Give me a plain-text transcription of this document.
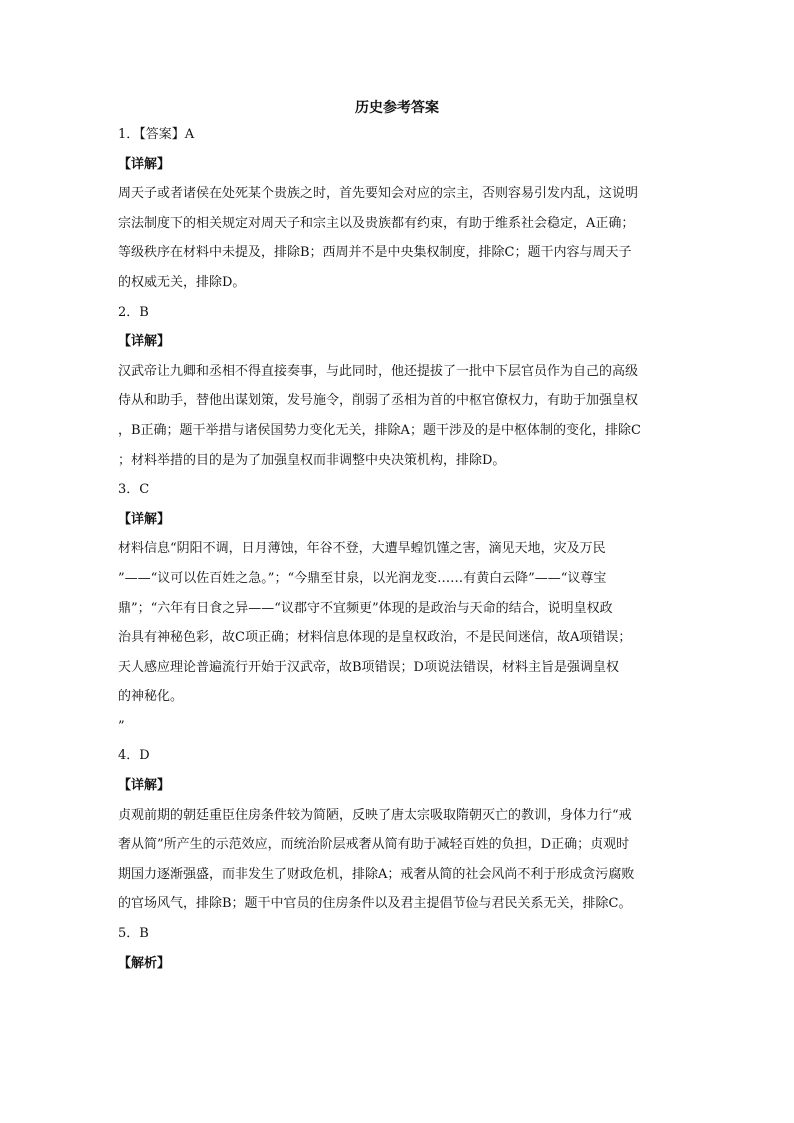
历史参考答案
1．【答案】A
【详解】
周天子或者诸侯在处死某个贵族之时，首先要知会对应的宗主，否则容易引发内乱，这说明
宗法制度下的相关规定对周天子和宗主以及贵族都有约束，有助于维系社会稳定，A正确；
等级秩序在材料中未提及，排除B；西周并不是中央集权制度，排除C；题干内容与周天子
的权威无关，排除D。
2．B
【详解】
汉武帝让九卿和丞相不得直接奏事，与此同时，他还提拔了一批中下层官员作为自己的高级
侍从和助手，替他出谋划策，发号施令，削弱了丞相为首的中枢官僚权力，有助于加强皇权
，B正确；题干举措与诸侯国势力变化无关，排除A；题干涉及的是中枢体制的变化，排除C
；材料举措的目的是为了加强皇权而非调整中央决策机构，排除D。
3．C
【详解】
材料信息“阴阳不调，日月薄蚀，年谷不登，大遭旱蝗饥馑之害，滴见天地，灾及万民
”——“议可以佐百姓之急。”；“今鼎至甘泉，以光润龙变……有黄白云降”——“议尊宝
鼎”；“六年有日食之异——“议郡守不宜频更”体现的是政治与天命的结合，说明皇权政
治具有神秘色彩，故C项正确；材料信息体现的是皇权政治，不是民间迷信，故A项错误；
天人感应理论普遍流行开始于汉武帝，故B项错误；D项说法错误，材料主旨是强调皇权
的神秘化。
”
4．D
【详解】
贞观前期的朝廷重臣住房条件较为简陋，反映了唐太宗吸取隋朝灭亡的教训，身体力行“戒
奢从简”所产生的示范效应，而统治阶层戒奢从简有助于减轻百姓的负担，D正确；贞观时
期国力逐渐强盛，而非发生了财政危机，排除A；戒奢从简的社会风尚不利于形成贪污腐败
的官场风气，排除B；题干中官员的住房条件以及君主提倡节俭与君民关系无关，排除C。
5．B
【解析】
